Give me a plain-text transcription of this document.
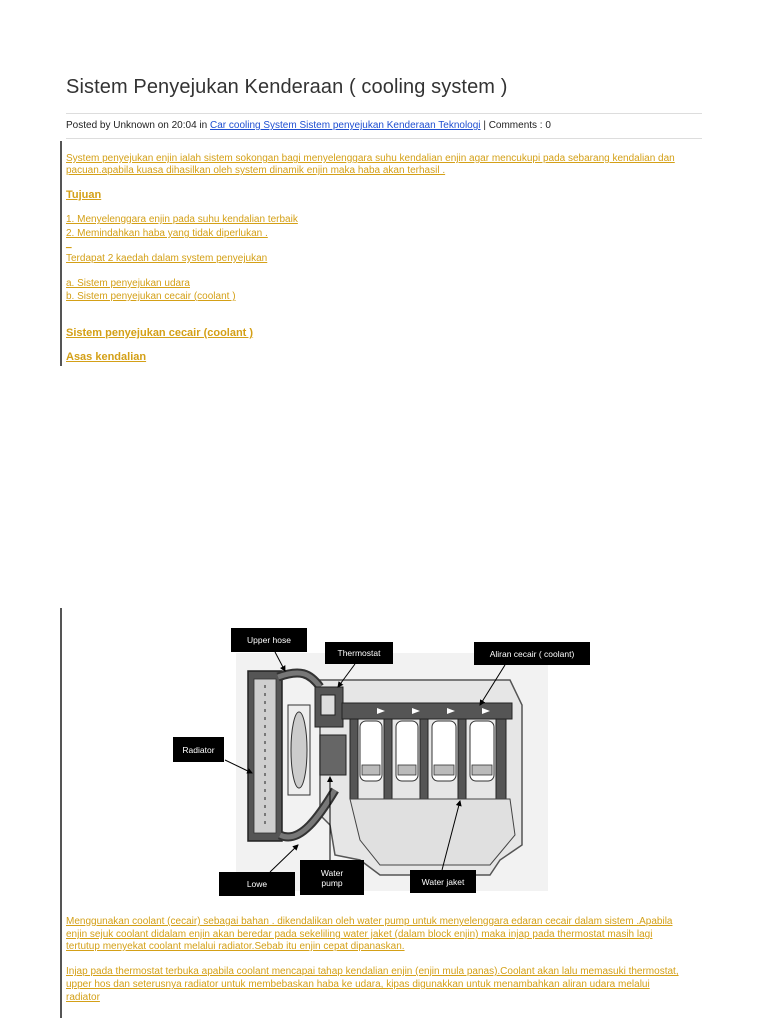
Sistem Penyejukan Kenderaan ( cooling system )
Posted by Unknown on 20:04 in Car cooling System Sistem penyejukan Kenderaan Teknologi | Comments : 0
System penyejukan enjin ialah sistem sokongan bagi menyelenggara suhu kendalian enjin agar mencukupi pada sebarang kendalian dan
pacuan.apabila kuasa dihasilkan oleh system dinamik enjin maka haba akan terhasil .
Tujuan
1. Menyelenggara enjin pada suhu kendalian terbaik
2. Memindahkan haba yang tidak diperlukan .
_
Terdapat 2 kaedah dalam system penyejukan
a. Sistem penyejukan udara
b. Sistem penyejukan cecair (coolant )
Sistem penyejukan cecair (coolant )
Asas kendalian
Upper hose
Thermostat	Aliran cecair ( coolant)
Radiator
Lowe
Water
pump	Water jaket
Menggunakan coolant (cecair) sebagai bahan . dikendalikan oleh water pump untuk menyelenggara edaran cecair dalam sistem .Apabila
enjin sejuk coolant didalam enjin akan beredar pada sekeliling water jaket (dalam block enjin) maka injap pada thermostat masih lagi
tertutup menyekat coolant melalui radiator.Sebab itu enjin cepat dipanaskan.
Injap pada thermostat terbuka apabila coolant mencapai tahap kendalian enjin (enjin mula panas).Coolant akan lalu memasuki thermostat,
upper hos dan seterusnya radiator untuk membebaskan haba ke udara, kipas digunakkan untuk menambahkan aliran udara melalui
radiator
